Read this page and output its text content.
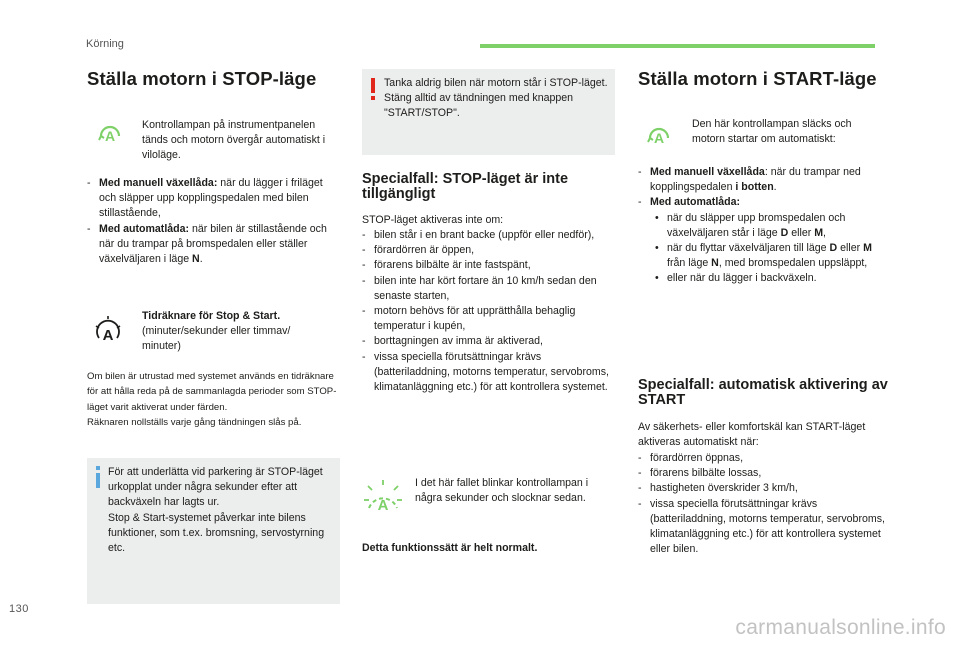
Körning
Ställa motorn i STOP-läge
A
Kontrollampan på instrumentpanelen tänds och motorn övergår automatiskt i viloläge.
- Med manuell växellåda: när du lägger i friläget och släpper upp kopplingspedalen med bilen stillastående,
- Med automatlåda: när bilen är stillastående och när du trampar på bromspedalen eller ställer växelväljaren i läge N.
A
Tidräknare för Stop & Start.
(minuter/sekunder eller timmav/ minuter)
Om bilen är utrustad med systemet används en tidräknare för att hålla reda på de sammanlagda perioder som STOP-läget varit aktiverat under färden.
Räknaren nollställs varje gång tändningen slås på.
För att underlätta vid parkering är STOP-läget urkopplat under några sekunder efter att backväxeln har lagts ur.
Stop & Start-systemet påverkar inte bilens funktioner, som t.ex. bromsning, servostyrning etc.
Tanka aldrig bilen när motorn står i STOP-läget. Stäng alltid av tändningen med knappen "START/STOP".
Specialfall: STOP-läget är inte tillgängligt
STOP-läget aktiveras inte om:
- bilen står i en brant backe (uppför eller nedför),
- förardörren är öppen,
- förarens bilbälte är inte fastspänt,
- bilen inte har kört fortare än 10 km/h sedan den senaste starten,
- motorn behövs för att upprätthålla behaglig temperatur i kupén,
- borttagningen av imma är aktiverad,
- vissa speciella förutsättningar krävs (batteriladdning, motorns temperatur, servobroms, klimatanläggning etc.) för att kontrollera systemet.
A
I det här fallet blinkar kontrollampan i några sekunder och slocknar sedan.
Detta funktionssätt är helt normalt.
Ställa motorn i START-läge
A
Den här kontrollampan släcks och motorn startar om automatiskt:
- Med manuell växellåda: när du trampar ned kopplingspedalen i botten.
- Med automatlåda:
• när du släpper upp bromspedalen och växelväljaren står i läge D eller M,
• när du flyttar växelväljaren till läge D eller M från läge N, med bromspedalen uppsläppt,
• eller när du lägger i backväxeln.
Specialfall: automatisk aktivering av START
Av säkerhets- eller komfortskäl kan START-läget aktiveras automatiskt när:
- förardörren öppnas,
- förarens bilbälte lossas,
- hastigheten överskrider 3 km/h,
- vissa speciella förutsättningar krävs (batteriladdning, motorns temperatur, servobroms, klimatanläggning etc.) för att kontrollera systemet eller bilen.
130
carmanualsonline.info
